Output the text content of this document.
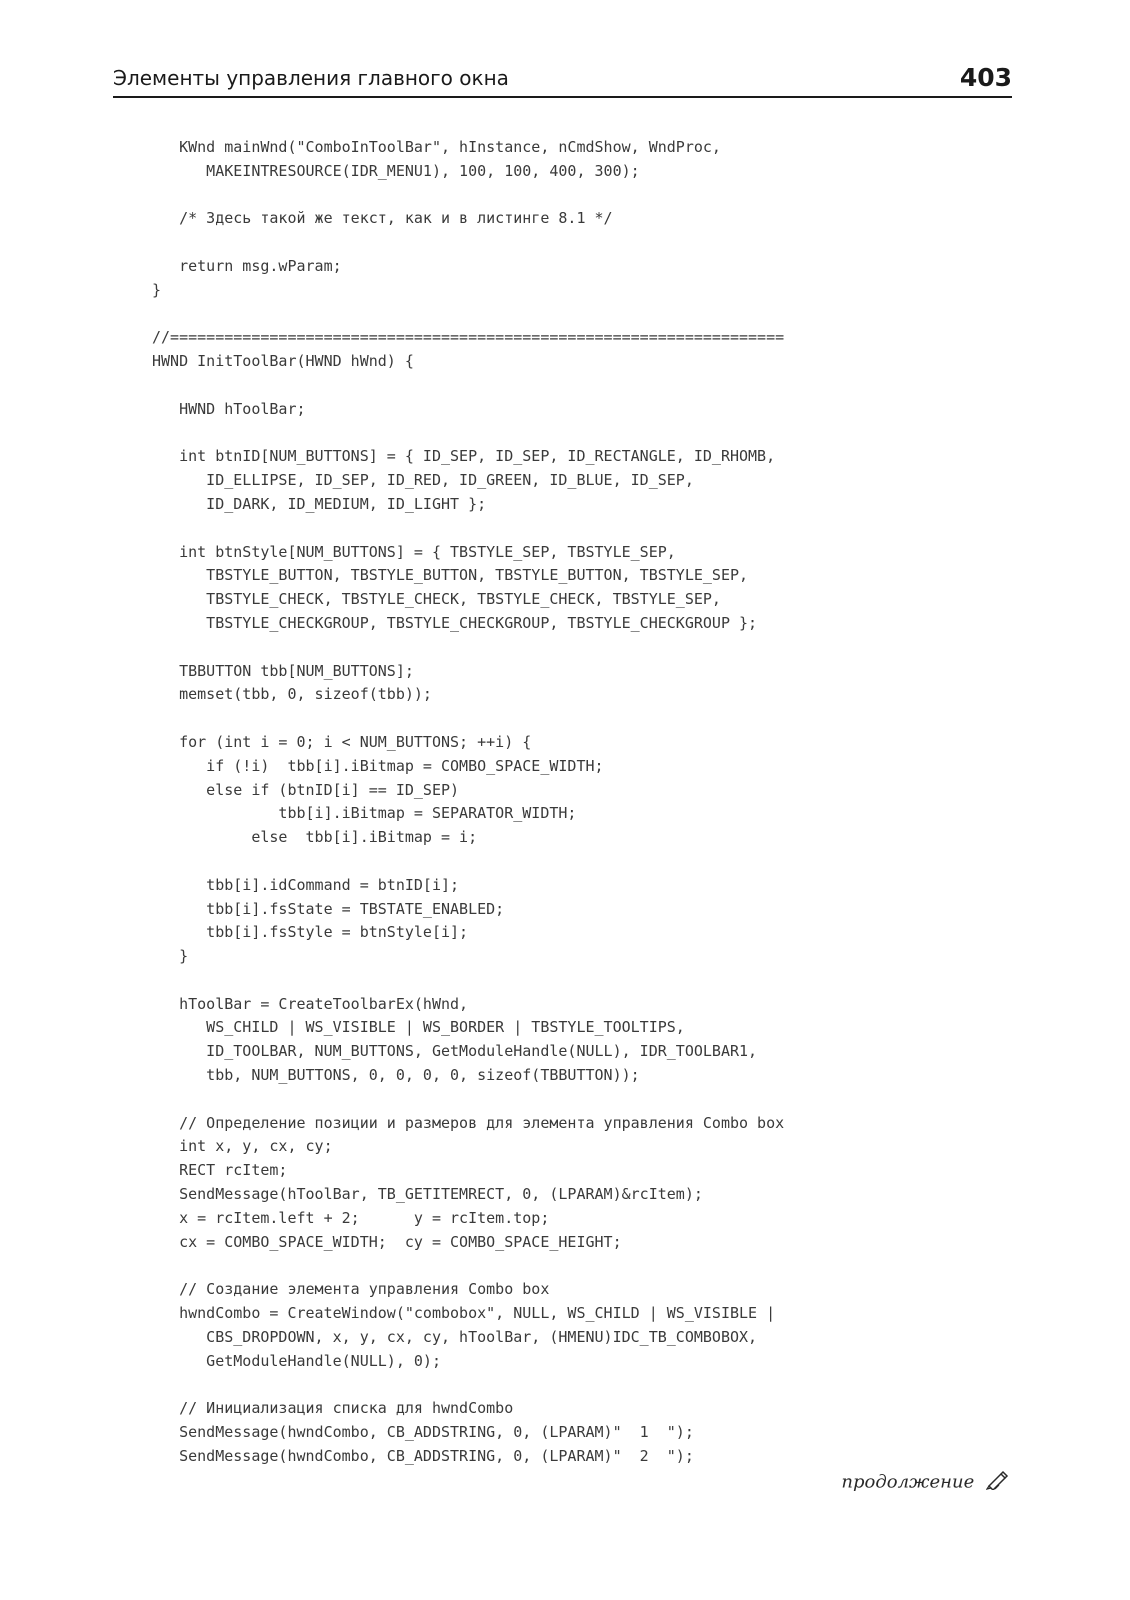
Элементы управления главного окна	403
KWnd mainWnd("ComboInToolBar", hInstance, nCmdShow, WndProc,
MAKEINTRESOURCE(IDR_MENU1), 100, 100, 400, 300);
/* Здесь такой же текст, как и в листинге 8.1 */
return msg.wParam;
}
//====================================================================
HWND InitToolBar(HWND hWnd) {
HWND hToolBar;
int btnID[NUM_BUTTONS] = { ID_SEP, ID_SEP, ID_RECTANGLE, ID_RHOMB,
ID_ELLIPSE, ID_SEP, ID_RED, ID_GREEN, ID_BLUE, ID_SEP,
ID_DARK, ID_MEDIUM, ID_LIGHT };
int btnStyle[NUM_BUTTONS] = { TBSTYLE_SEP, TBSTYLE_SEP,
TBSTYLE_BUTTON, TBSTYLE_BUTTON, TBSTYLE_BUTTON, TBSTYLE_SEP,
TBSTYLE_CHECK, TBSTYLE_CHECK, TBSTYLE_CHECK, TBSTYLE_SEP,
TBSTYLE_CHECKGROUP, TBSTYLE_CHECKGROUP, TBSTYLE_CHECKGROUP };
TBBUTTON tbb[NUM_BUTTONS];
memset(tbb, 0, sizeof(tbb));
for (int i = 0; i < NUM_BUTTONS; ++i) {
if (!i)  tbb[i].iBitmap = COMBO_SPACE_WIDTH;
else if (btnID[i] == ID_SEP)
tbb[i].iBitmap = SEPARATOR_WIDTH;
else  tbb[i].iBitmap = i;
tbb[i].idCommand = btnID[i];
tbb[i].fsState = TBSTATE_ENABLED;
tbb[i].fsStyle = btnStyle[i];
}
hToolBar = CreateToolbarEx(hWnd,
WS_CHILD | WS_VISIBLE | WS_BORDER | TBSTYLE_TOOLTIPS,
ID_TOOLBAR, NUM_BUTTONS, GetModuleHandle(NULL), IDR_TOOLBAR1,
tbb, NUM_BUTTONS, 0, 0, 0, 0, sizeof(TBBUTTON));
// Определение позиции и размеров для элемента управления Combo box
int x, y, cx, cy;
RECT rcItem;
SendMessage(hToolBar, TB_GETITEMRECT, 0, (LPARAM)&rcItem);
x = rcItem.left + 2;      y = rcItem.top;
cx = COMBO_SPACE_WIDTH;  cy = COMBO_SPACE_HEIGHT;
// Создание элемента управления Combo box
hwndCombo = CreateWindow("combobox", NULL, WS_CHILD | WS_VISIBLE |
CBS_DROPDOWN, x, y, cx, cy, hToolBar, (HMENU)IDC_TB_COMBOBOX,
GetModuleHandle(NULL), 0);
// Инициализация списка для hwndCombo
SendMessage(hwndCombo, CB_ADDSTRING, 0, (LPARAM)"  1  ");
SendMessage(hwndCombo, CB_ADDSTRING, 0, (LPARAM)"  2  ");
продолжение
